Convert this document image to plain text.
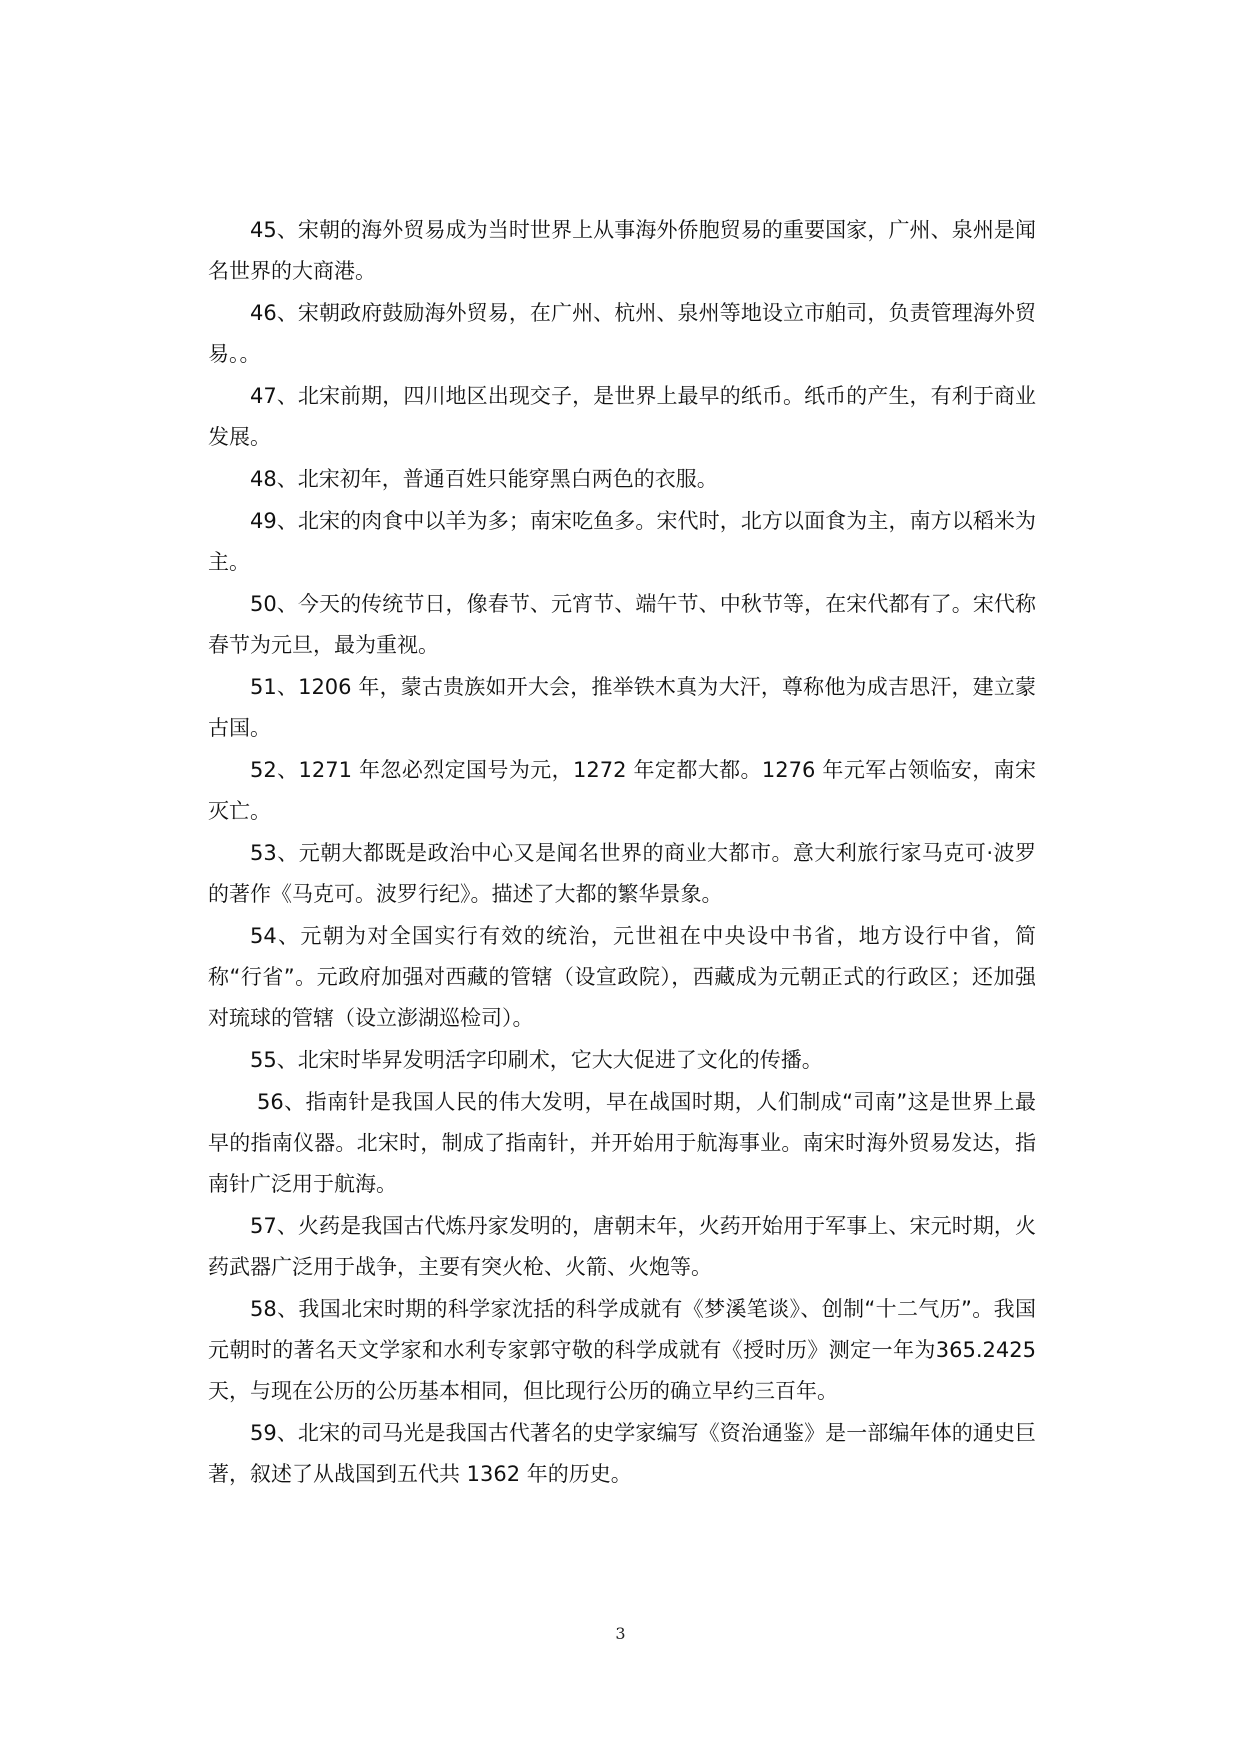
45、宋朝的海外贸易成为当时世界上从事海外侨胞贸易的重要国家，广州、泉州是闻名世界的大商港。

46、宋朝政府鼓励海外贸易，在广州、杭州、泉州等地设立市舶司，负责管理海外贸易。。

47、北宋前期，四川地区出现交子，是世界上最早的纸币。纸币的产生，有利于商业发展。

48、北宋初年，普通百姓只能穿黑白两色的衣服。

49、北宋的肉食中以羊为多；南宋吃鱼多。宋代时，北方以面食为主，南方以稻米为主。

50、今天的传统节日，像春节、元宵节、端午节、中秋节等，在宋代都有了。宋代称春节为元旦，最为重视。

51、1206 年，蒙古贵族如开大会，推举铁木真为大汗，尊称他为成吉思汗，建立蒙古国。

52、1271 年忽必烈定国号为元，1272 年定都大都。1276 年元军占领临安，南宋灭亡。

53、元朝大都既是政治中心又是闻名世界的商业大都市。意大利旅行家马克可·波罗的著作《马克可。波罗行纪》。描述了大都的繁华景象。

54、元朝为对全国实行有效的统治，元世祖在中央设中书省，地方设行中省，简称“行省”。元政府加强对西藏的管辖（设宣政院），西藏成为元朝正式的行政区；还加强对琉球的管辖（设立澎湖巡检司）。

55、北宋时毕昇发明活字印刷术，它大大促进了文化的传播。

56、指南针是我国人民的伟大发明，早在战国时期，人们制成“司南”这是世界上最早的指南仪器。北宋时，制成了指南针，并开始用于航海事业。南宋时海外贸易发达，指南针广泛用于航海。

57、火药是我国古代炼丹家发明的，唐朝末年，火药开始用于军事上、宋元时期，火药武器广泛用于战争，主要有突火枪、火箭、火炮等。

58、我国北宋时期的科学家沈括的科学成就有《梦溪笔谈》、创制“十二气历”。我国元朝时的著名天文学家和水利专家郭守敬的科学成就有《授时历》测定一年为365.2425 天，与现在公历的公历基本相同，但比现行公历的确立早约三百年。

59、北宋的司马光是我国古代著名的史学家编写《资治通鉴》是一部编年体的通史巨著，叙述了从战国到五代共 1362 年的历史。

3
